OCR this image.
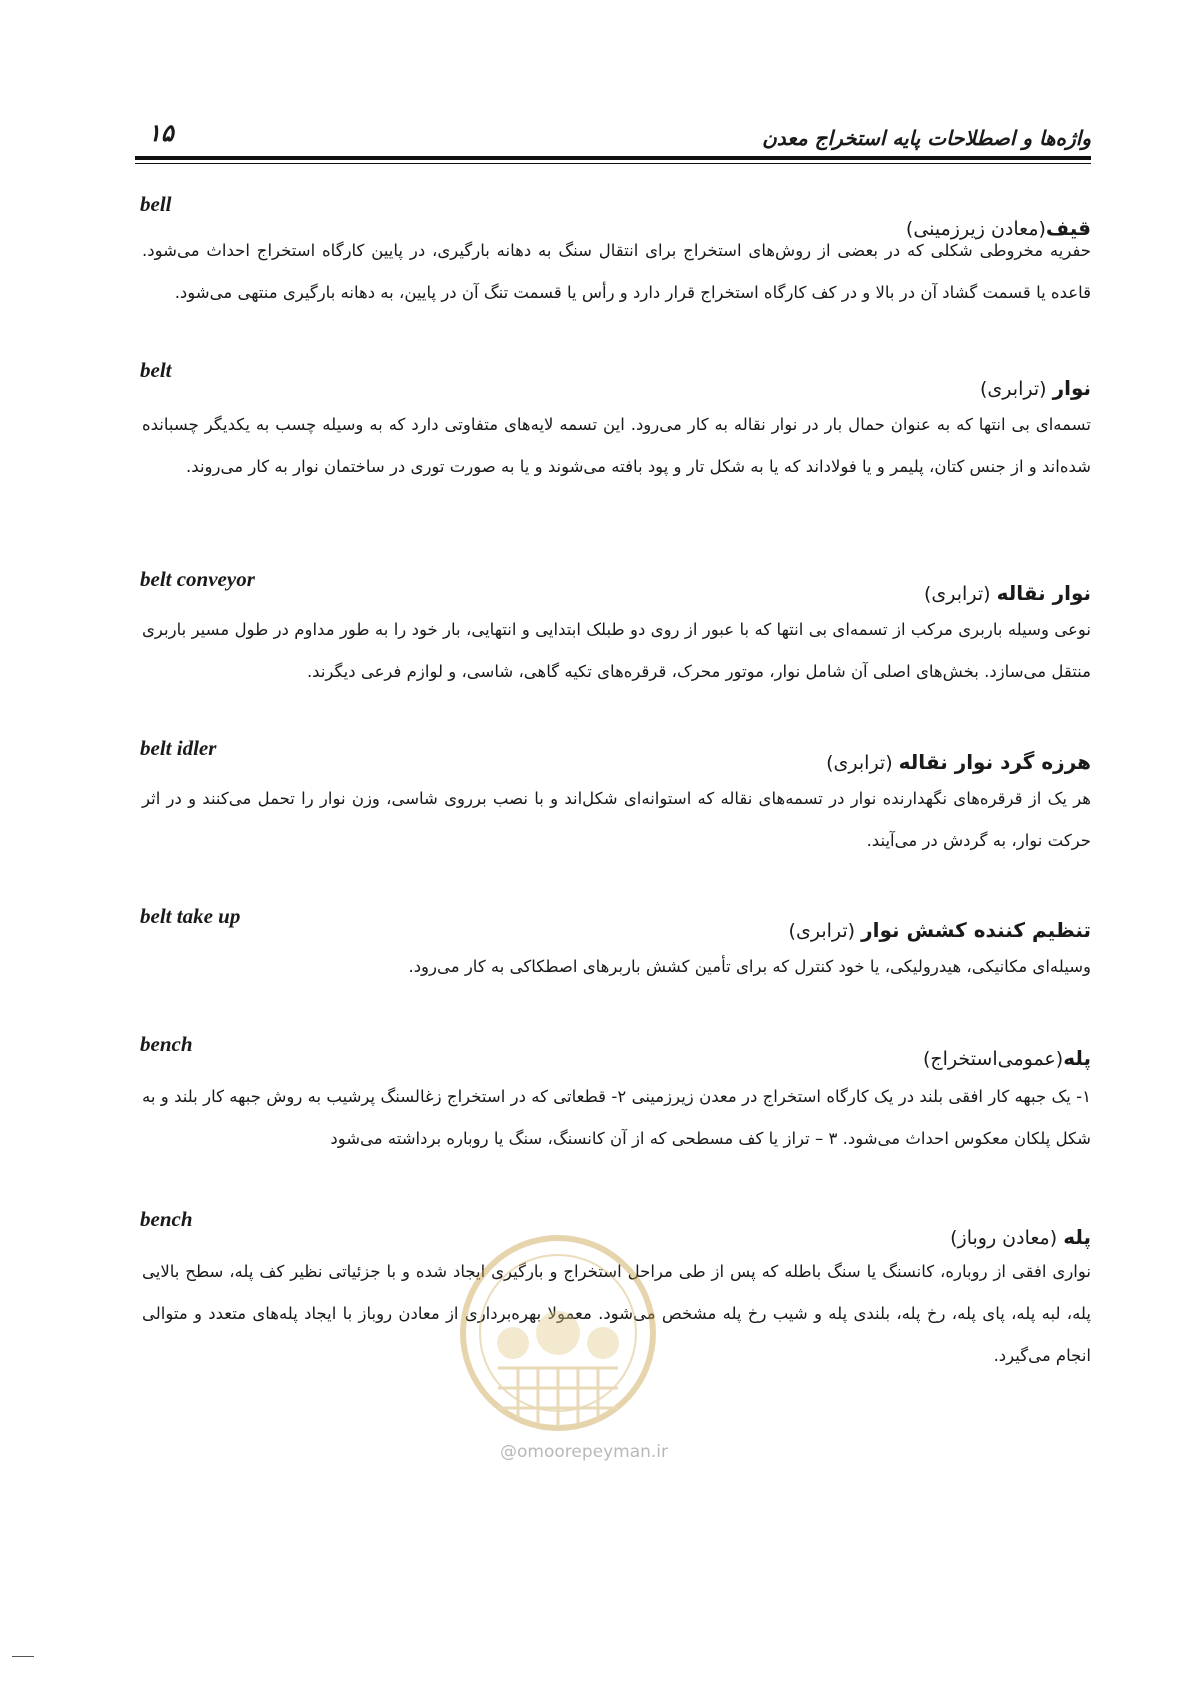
۱۵	واژه‌ها و اصطلاحات پایه استخراج معدن
bell
قیف(معادن زیرزمینی)
حفریه مخروطی شکلی که در بعضی از روش‌های استخراج برای انتقال سنگ به دهانه بارگیری، در پایین کارگاه استخراج احداث می‌شود. قاعده یا قسمت گشاد آن در بالا و در کف کارگاه استخراج قرار دارد و رأس یا قسمت تنگ آن در پایین، به دهانه بارگیری منتهی می‌شود.
belt
نوار (ترابری)
تسمه‌ای بی انتها که به عنوان حمال بار در نوار نقاله به کار می‌رود. این تسمه لایه‌های متفاوتی دارد که به وسیله چسب به یکدیگر چسبانده شده‌اند و از جنس کتان، پلیمر و یا فولاداند که یا به شکل تار و پود بافته می‌شوند و یا به صورت توری در ساختمان نوار به کار می‌روند.
belt conveyor
نوار نقاله (ترابری)
نوعی وسیله باربری مرکب از تسمه‌ای بی انتها که با عبور از روی دو طبلک ابتدایی و انتهایی، بار خود را به طور مداوم در طول مسیر باربری منتقل می‌سازد. بخش‌های اصلی آن شامل نوار، موتور محرک، قرقره‌های تکیه گاهی، شاسی، و لوازم فرعی دیگرند.
belt idler
هرزه گرد نوار نقاله (ترابری)
هر یک از قرقره‌های نگهدارنده نوار در تسمه‌های نقاله که استوانه‌ای شکل‌اند و با نصب برروی شاسی، وزن نوار را تحمل می‌کنند و در اثر حرکت نوار، به گردش در می‌آیند.
belt take up
تنظیم کننده کشش نوار (ترابری)
وسیله‌ای مکانیکی، هیدرولیکی، یا خود کنترل که برای تأمین کشش باربرهای اصطکاکی به کار می‌رود.
bench
پله(عمومی‌استخراج)
۱- یک جبهه کار افقی بلند در یک کارگاه استخراج در معدن زیرزمینی ۲- قطعاتی که در استخراج زغالسنگ پرشیب به روش جبهه کار بلند و به شکل پلکان معکوس احداث می‌شود. ۳ – تراز یا کف مسطحی که از آن کانسنگ، سنگ یا روباره برداشته می‌شود
bench
پله (معادن روباز)
نواری افقی از روباره، کانسنگ یا سنگ باطله که پس از طی مراحل استخراج و بارگیری ایجاد شده و با جزئیاتی نظیر کف پله، سطح بالایی پله، لبه پله، پای پله، رخ پله، بلندی پله و شیب رخ پله مشخص می‌شود. معمولا بهره‌برداری از معادن روباز با ایجاد پله‌های متعدد و متوالی انجام می‌گیرد.
@omoorepeyman.ir
